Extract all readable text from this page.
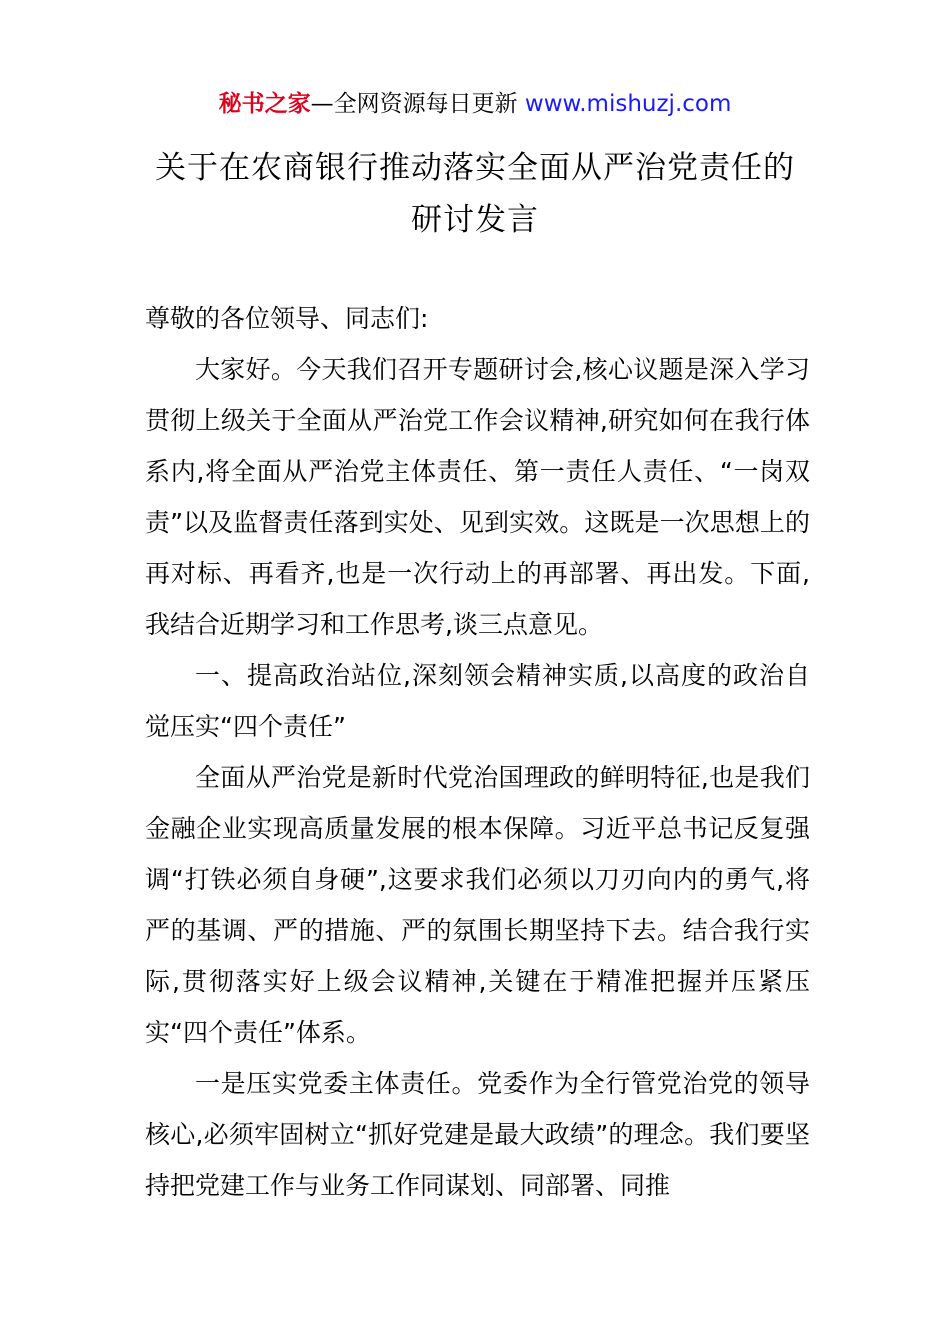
秘书之家—全网资源每日更新 www.mishuzj.com
关于在农商银行推动落实全面从严治党责任的
研讨发言

尊敬的各位领导、同志们:

大家好。今天我们召开专题研讨会,核心议题是深入学习贯彻上级关于全面从严治党工作会议精神,研究如何在我行体系内,将全面从严治党主体责任、第一责任人责任、“一岗双责”以及监督责任落到实处、见到实效。这既是一次思想上的再对标、再看齐,也是一次行动上的再部署、再出发。下面,我结合近期学习和工作思考,谈三点意见。

一、提高政治站位,深刻领会精神实质,以高度的政治自觉压实“四个责任”

全面从严治党是新时代党治国理政的鲜明特征,也是我们金融企业实现高质量发展的根本保障。习近平总书记反复强调“打铁必须自身硬”,这要求我们必须以刀刃向内的勇气,将严的基调、严的措施、严的氛围长期坚持下去。结合我行实际,贯彻落实好上级会议精神,关键在于精准把握并压紧压实“四个责任”体系。

一是压实党委主体责任。党委作为全行管党治党的领导核心,必须牢固树立“抓好党建是最大政绩”的理念。我们要坚持把党建工作与业务工作同谋划、同部署、同推
